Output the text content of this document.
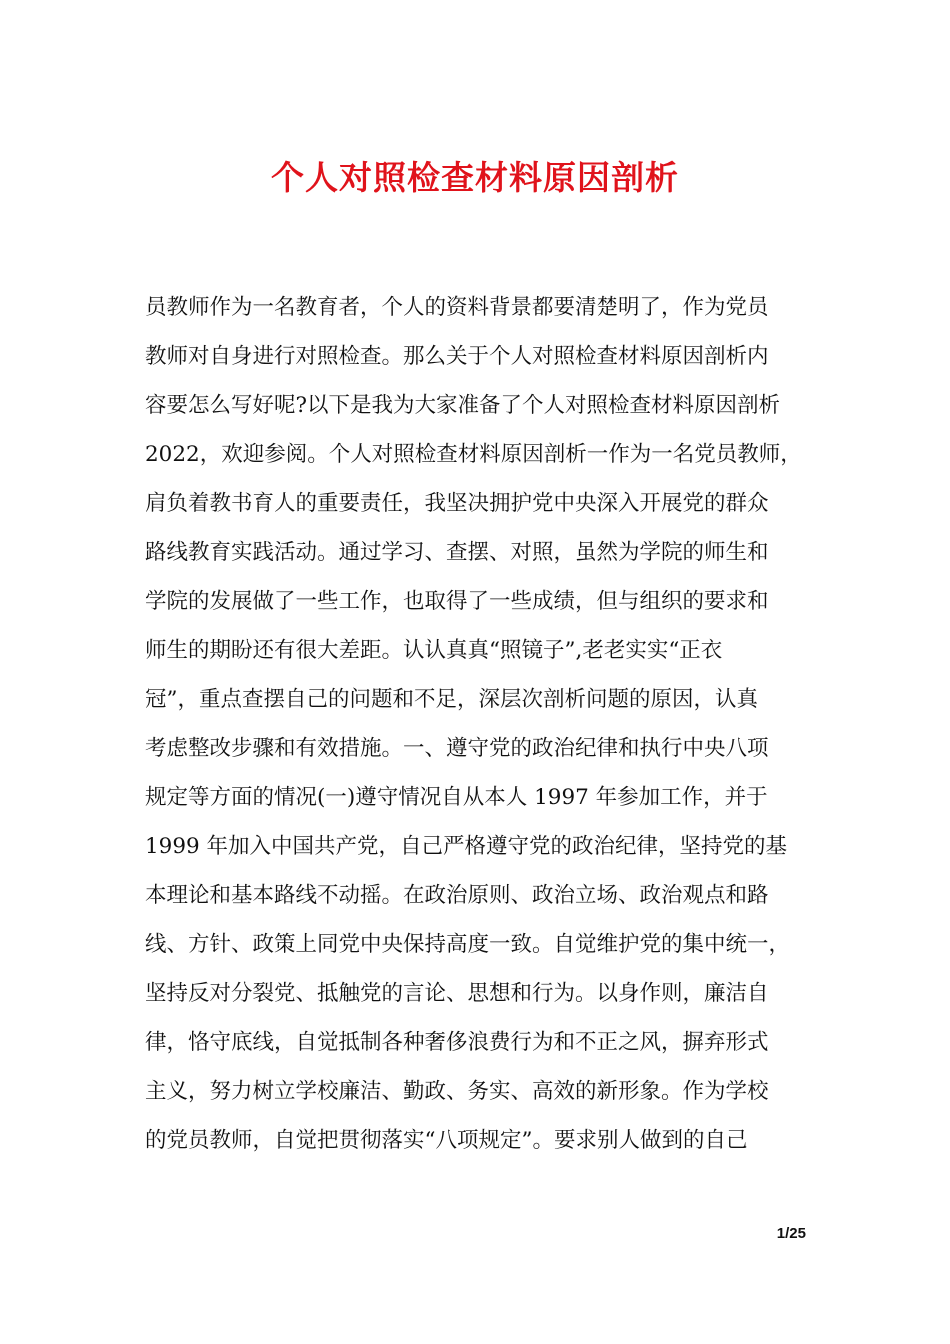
个人对照检查材料原因剖析
员教师作为一名教育者，个人的资料背景都要清楚明了，作为党员
教师对自身进行对照检查。那么关于个人对照检查材料原因剖析内
容要怎么写好呢?以下是我为大家准备了个人对照检查材料原因剖析
2022，欢迎参阅。个人对照检查材料原因剖析一作为一名党员教师，
肩负着教书育人的重要责任，我坚决拥护党中央深入开展党的群众
路线教育实践活动。通过学习、查摆、对照，虽然为学院的师生和
学院的发展做了一些工作，也取得了一些成绩，但与组织的要求和
师生的期盼还有很大差距。认认真真“照镜子”,老老实实“正衣
冠”，重点查摆自己的问题和不足，深层次剖析问题的原因，认真
考虑整改步骤和有效措施。一、遵守党的政治纪律和执行中央八项
规定等方面的情况(一)遵守情况自从本人 1997 年参加工作，并于
1999 年加入中国共产党，自己严格遵守党的政治纪律，坚持党的基
本理论和基本路线不动摇。在政治原则、政治立场、政治观点和路
线、方针、政策上同党中央保持高度一致。自觉维护党的集中统一，
坚持反对分裂党、抵触党的言论、思想和行为。以身作则，廉洁自
律，恪守底线，自觉抵制各种奢侈浪费行为和不正之风，摒弃形式
主义，努力树立学校廉洁、勤政、务实、高效的新形象。作为学校
的党员教师，自觉把贯彻落实“八项规定”。要求别人做到的自己
1/25
